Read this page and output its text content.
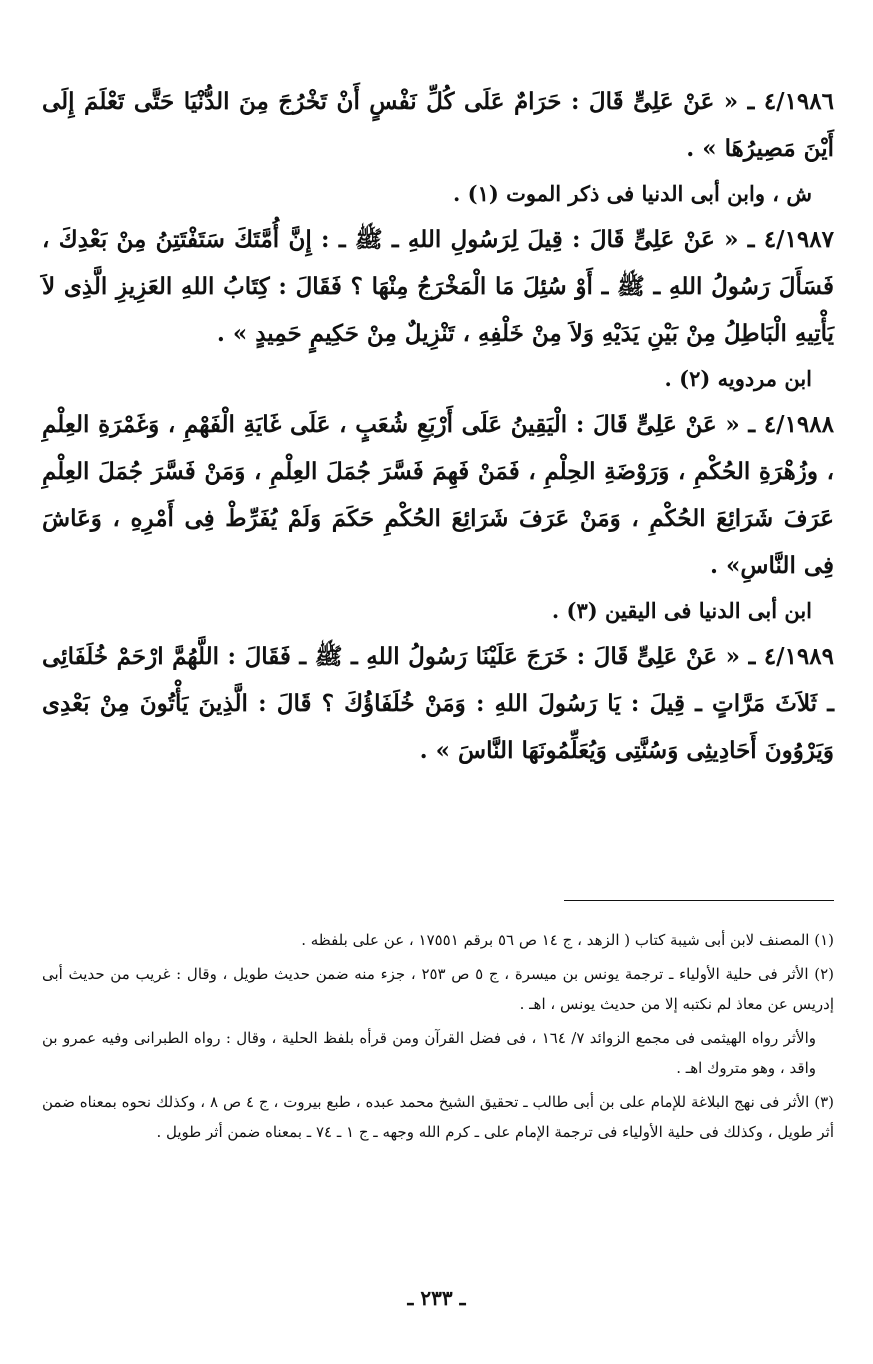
٤/١٩٨٦ ـ « عَنْ عَلِىٍّ قَالَ : حَرَامٌ عَلَى كُلِّ نَفْسٍ أَنْ تَخْرُجَ مِنَ الدُّنْيَا حَتَّى تَعْلَمَ إِلَى أَيْنَ مَصِيرُهَا » .

ش ، وابن أبى الدنيا فى ذكر الموت (١) .

٤/١٩٨٧ ـ « عَنْ عَلِىٍّ قَالَ : قِيلَ لِرَسُولِ اللهِ ـ ﷺ ـ : إِنَّ أُمَّتَكَ سَتَفْتَتِنُ مِنْ بَعْدِكَ ، فَسَأَلَ رَسُولُ اللهِ ـ ﷺ ـ أَوْ سُئِلَ مَا الْمَخْرَجُ مِنْهَا ؟ فَقَالَ : كِتَابُ اللهِ العَزِيزِ الَّذِى لاَ يَأْتِيهِ الْبَاطِلُ مِنْ بَيْنِ يَدَيْهِ وَلاَ مِنْ خَلْفِهِ ، تَنْزِيلٌ مِنْ حَكِيمٍ حَمِيدٍ » .

ابن مردويه (٢) .

٤/١٩٨٨ ـ « عَنْ عَلِىٍّ قَالَ : الْيَقِينُ عَلَى أَرْبَعِ شُعَبٍ ، عَلَى غَايَةِ الْفَهْمِ ، وَغَمْرَةِ العِلْمِ ، وزُهْرَةِ الحُكْمِ ، وَرَوْضَةِ الحِلْمِ ، فَمَنْ فَهِمَ فَسَّرَ جُمَلَ العِلْمِ ، وَمَنْ فَسَّرَ جُمَلَ العِلْمِ عَرَفَ شَرَائِعَ الحُكْمِ ، وَمَنْ عَرَفَ شَرَائِعَ الحُكْمِ حَكَمَ وَلَمْ يُفَرِّطْ فِى أَمْرِهِ ، وَعَاشَ فِى النَّاسِ» .

ابن أبى الدنيا فى اليقين (٣) .

٤/١٩٨٩ ـ « عَنْ عَلِىٍّ قَالَ : خَرَجَ عَلَيْنَا رَسُولُ اللهِ ـ ﷺ ـ فَقَالَ : اللَّهُمَّ ارْحَمْ خُلَفَائِى ـ ثَلاَثَ مَرَّاتٍ ـ قِيلَ : يَا رَسُولَ اللهِ : وَمَنْ خُلَفَاؤُكَ ؟ قَالَ : الَّذِينَ يَأْتُونَ مِنْ بَعْدِى وَيَرْوُونَ أَحَادِيثِى وَسُنَّتِى وَيُعَلِّمُونَهَا النَّاسَ » .

(١) المصنف لابن أبى شيبة كتاب ( الزهد ، ج ١٤ ص ٥٦ برقم ١٧٥٥١ ، عن على بلفظه .

(٢) الأثر فى حلية الأولياء ـ ترجمة يونس بن ميسرة ، ج ٥ ص ٢٥٣ ، جزء منه ضمن حديث طويل ، وقال : غريب من حديث أبى إدريس عن معاذ لم نكتبه إلا من حديث يونس ، اهـ .

والأثر رواه الهيثمى فى مجمع الزوائد ٧/ ١٦٤ ، فى فضل القرآن ومن قرأه بلفظ الحلية ، وقال : رواه الطبرانى وفيه عمرو بن واقد ، وهو متروك اهـ .

(٣) الأثر فى نهج البلاغة للإمام على بن أبى طالب ـ تحقيق الشيخ محمد عبده ، طبع بيروت ، ج ٤ ص ٨ ، وكذلك نحوه بمعناه ضمن أثر طويل ، وكذلك فى حلية الأولياء فى ترجمة الإمام على ـ كرم الله وجهه ـ ج ١ ـ ٧٤ ـ بمعناه ضمن أثر طويل .

ـ ٢٣٣ ـ
